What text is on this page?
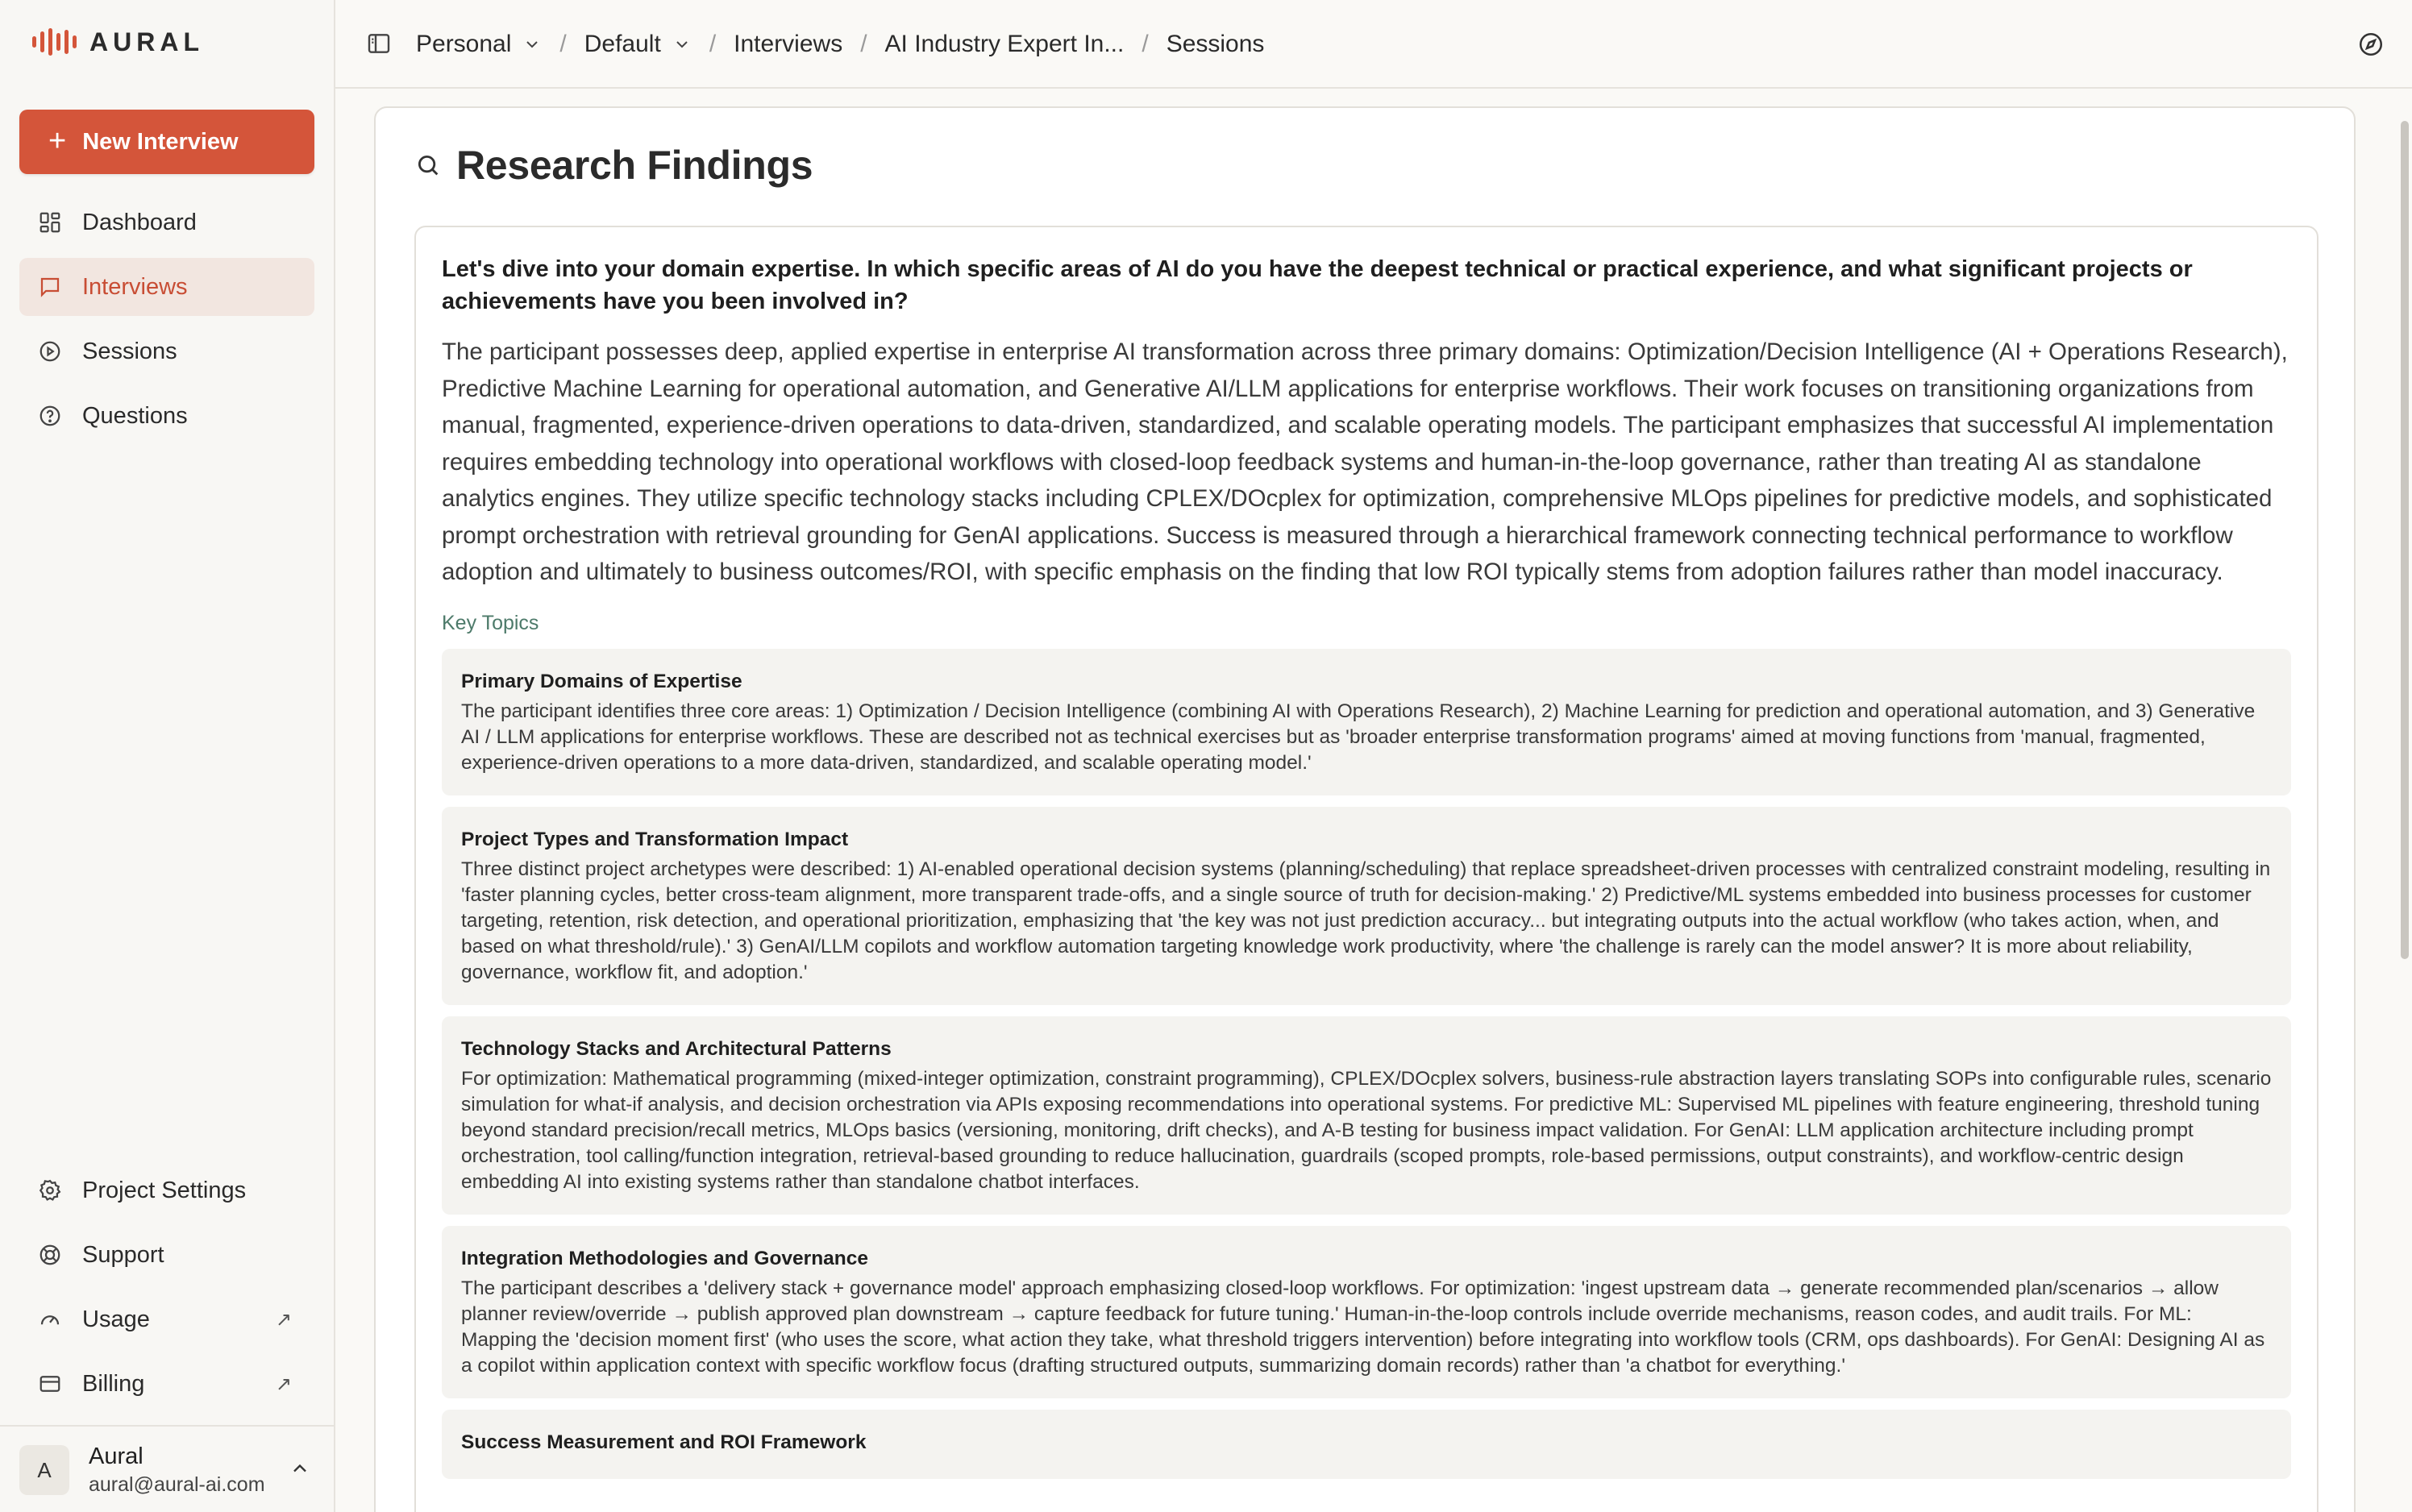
AURAL
+ New Interview
Dashboard
Interviews
Sessions
Questions
Project Settings
Support
Usage	↗
Billing	↗
A
Aural
aural@aural-ai.com
Personal / Default / Interviews / AI Industry Expert In... / Sessions
Research Findings
Let's dive into your domain expertise. In which specific areas of AI do you have the deepest technical or practical experience, and what significant projects or achievements have you been involved in?
The participant possesses deep, applied expertise in enterprise AI transformation across three primary domains: Optimization/Decision Intelligence (AI + Operations Research), Predictive Machine Learning for operational automation, and Generative AI/LLM applications for enterprise workflows. Their work focuses on transitioning organizations from manual, fragmented, experience-driven operations to data-driven, standardized, and scalable operating models. The participant emphasizes that successful AI implementation requires embedding technology into operational workflows with closed-loop feedback systems and human-in-the-loop governance, rather than treating AI as standalone analytics engines. They utilize specific technology stacks including CPLEX/DOcplex for optimization, comprehensive MLOps pipelines for predictive models, and sophisticated prompt orchestration with retrieval grounding for GenAI applications. Success is measured through a hierarchical framework connecting technical performance to workflow adoption and ultimately to business outcomes/ROI, with specific emphasis on the finding that low ROI typically stems from adoption failures rather than model inaccuracy.
Key Topics
Primary Domains of Expertise
The participant identifies three core areas: 1) Optimization / Decision Intelligence (combining AI with Operations Research), 2) Machine Learning for prediction and operational automation, and 3) Generative AI / LLM applications for enterprise workflows. These are described not as technical exercises but as 'broader enterprise transformation programs' aimed at moving functions from 'manual, fragmented, experience-driven operations to a more data-driven, standardized, and scalable operating model.'
Project Types and Transformation Impact
Three distinct project archetypes were described: 1) AI-enabled operational decision systems (planning/scheduling) that replace spreadsheet-driven processes with centralized constraint modeling, resulting in 'faster planning cycles, better cross-team alignment, more transparent trade-offs, and a single source of truth for decision-making.' 2) Predictive/ML systems embedded into business processes for customer targeting, retention, risk detection, and operational prioritization, emphasizing that 'the key was not just prediction accuracy... but integrating outputs into the actual workflow (who takes action, when, and based on what threshold/rule).' 3) GenAI/LLM copilots and workflow automation targeting knowledge work productivity, where 'the challenge is rarely can the model answer? It is more about reliability, governance, workflow fit, and adoption.'
Technology Stacks and Architectural Patterns
For optimization: Mathematical programming (mixed-integer optimization, constraint programming), CPLEX/DOcplex solvers, business-rule abstraction layers translating SOPs into configurable rules, scenario simulation for what-if analysis, and decision orchestration via APIs exposing recommendations into operational systems. For predictive ML: Supervised ML pipelines with feature engineering, threshold tuning beyond standard precision/recall metrics, MLOps basics (versioning, monitoring, drift checks), and A-B testing for business impact validation. For GenAI: LLM application architecture including prompt orchestration, tool calling/function integration, retrieval-based grounding to reduce hallucination, guardrails (scoped prompts, role-based permissions, output constraints), and workflow-centric design embedding AI into existing systems rather than standalone chatbot interfaces.
Integration Methodologies and Governance
The participant describes a 'delivery stack + governance model' approach emphasizing closed-loop workflows. For optimization: 'ingest upstream data → generate recommended plan/scenarios → allow planner review/override → publish approved plan downstream → capture feedback for future tuning.' Human-in-the-loop controls include override mechanisms, reason codes, and audit trails. For ML: Mapping the 'decision moment first' (who uses the score, what action they take, what threshold triggers intervention) before integrating into workflow tools (CRM, ops dashboards). For GenAI: Designing AI as a copilot within application context with specific workflow focus (drafting structured outputs, summarizing domain records) rather than 'a chatbot for everything.'
Success Measurement and ROI Framework
